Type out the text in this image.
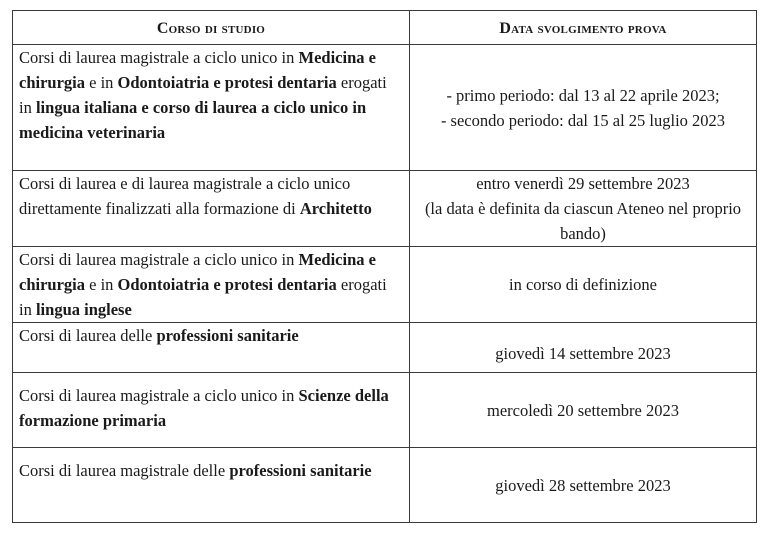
Corso di studio	Data svolgimento prova
Corsi di laurea magistrale a ciclo unico in Medicina e chirurgia e in Odontoiatria e protesi dentaria erogati in lingua italiana e corso di laurea a ciclo unico in medicina veterinaria	- primo periodo: dal 13 al 22 aprile 2023;
- secondo periodo: dal 15 al 25 luglio 2023

Corsi di laurea e di laurea magistrale a ciclo unico direttamente finalizzati alla formazione di Architetto	entro venerdì 29 settembre 2023
(la data è definita da ciascun Ateneo nel proprio bando)

Corsi di laurea magistrale a ciclo unico in Medicina e chirurgia e in Odontoiatria e protesi dentaria erogati in lingua inglese	in corso di definizione

Corsi di laurea delle professioni sanitarie	giovedì 14 settembre 2023

Corsi di laurea magistrale a ciclo unico in Scienze della formazione primaria	mercoledì 20 settembre 2023

Corsi di laurea magistrale delle professioni sanitarie	giovedì 28 settembre 2023
